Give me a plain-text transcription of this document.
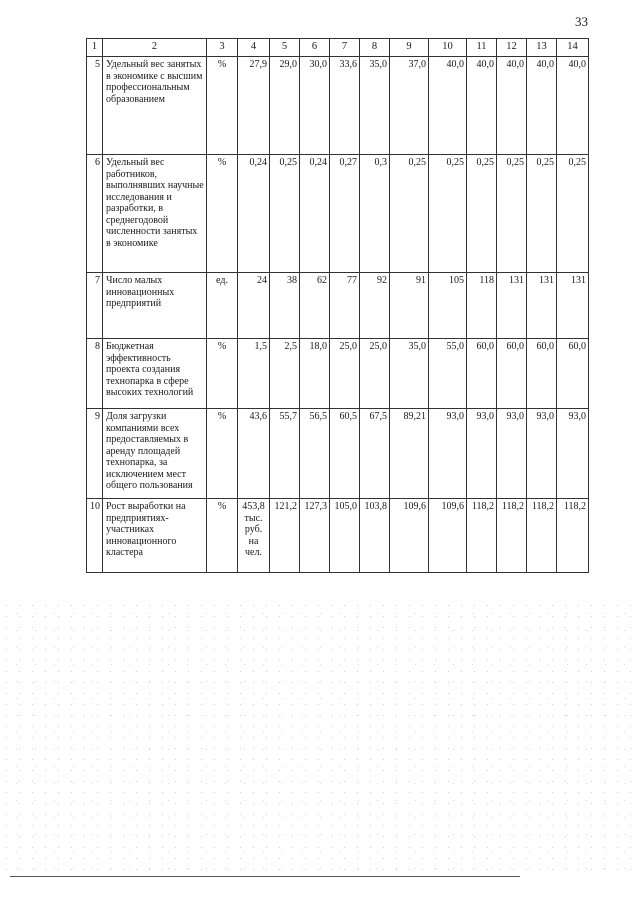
33
1	2	3	4	5	6	7	8	9	10	11	12	13	14
5	Удельный вес занятых в экономике с высшим профессиональным образованием	%	27,9	29,0	30,0	33,6	35,0	37,0	40,0	40,0	40,0	40,0	40,0
6	Удельный вес работников, выполнявших научные исследования и разработки, в среднегодовой численности занятых в экономике	%	0,24	0,25	0,24	0,27	0,3	0,25	0,25	0,25	0,25	0,25	0,25
7	Число малых инновационных предприятий	ед.	24	38	62	77	92	91	105	118	131	131	131
8	Бюджетная эффективность проекта создания технопарка в сфере высоких технологий	%	1,5	2,5	18,0	25,0	25,0	35,0	55,0	60,0	60,0	60,0	60,0
9	Доля загрузки компаниями всех предоставляемых в аренду площадей технопарка, за исключением мест общего пользования	%	43,6	55,7	56,5	60,5	67,5	89,21	93,0	93,0	93,0	93,0	93,0
10	Рост выработки на предприятиях-участниках инновационного кластера	%	453,8 тыс. руб. на чел.	121,2	127,3	105,0	103,8	109,6	109,6	118,2	118,2	118,2	118,2
